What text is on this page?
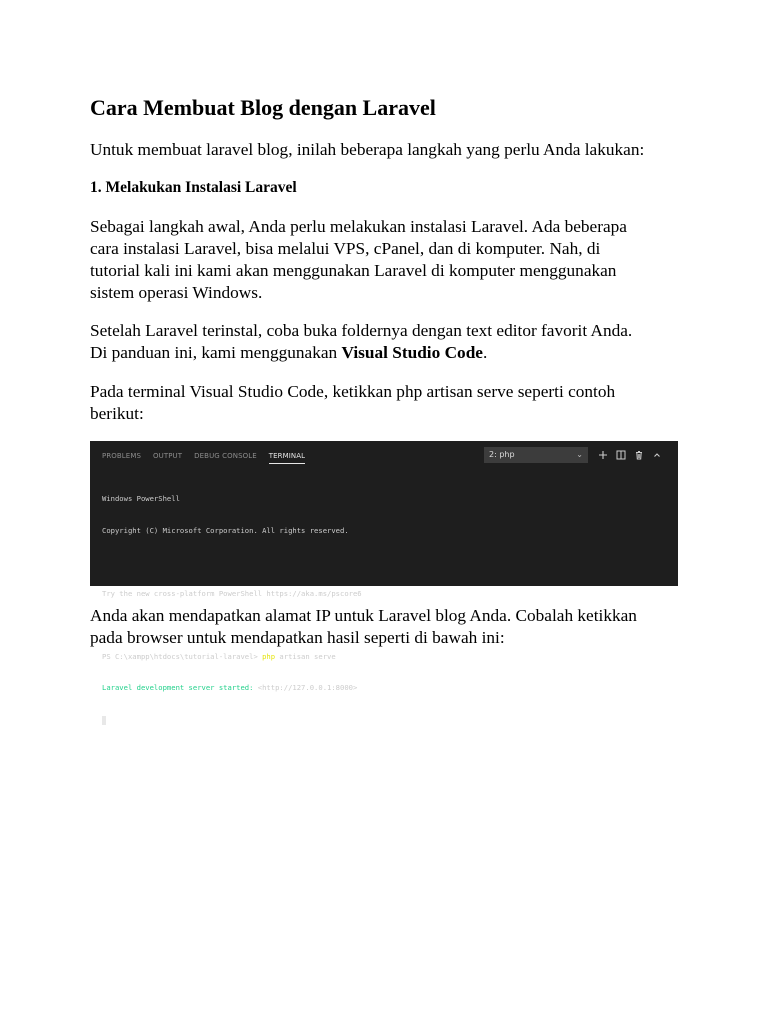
Cara Membuat Blog dengan Laravel

Untuk membuat laravel blog, inilah beberapa langkah yang perlu Anda lakukan:

1. Melakukan Instalasi Laravel

Sebagai langkah awal, Anda perlu melakukan instalasi Laravel. Ada beberapa
cara instalasi Laravel, bisa melalui VPS, cPanel, dan di komputer. Nah, di
tutorial kali ini kami akan menggunakan Laravel di komputer menggunakan
sistem operasi Windows.

Setelah Laravel terinstal, coba buka foldernya dengan text editor favorit Anda.
Di panduan ini, kami menggunakan Visual Studio Code.

Pada terminal Visual Studio Code, ketikkan php artisan serve seperti contoh
berikut:

Anda akan mendapatkan alamat IP untuk Laravel blog Anda. Cobalah ketikkan
pada browser untuk mendapatkan hasil seperti di bawah ini:

PROBLEMS OUTPUT DEBUG CONSOLE TERMINAL	2: php	⌄

Windows PowerShell

Copyright (C) Microsoft Corporation. All rights reserved.

Try the new cross-platform PowerShell https://aka.ms/pscore6

PS C:\xampp\htdocs\tutorial-laravel> php artisan serve

Laravel development server started: <http://127.0.0.1:8000>
